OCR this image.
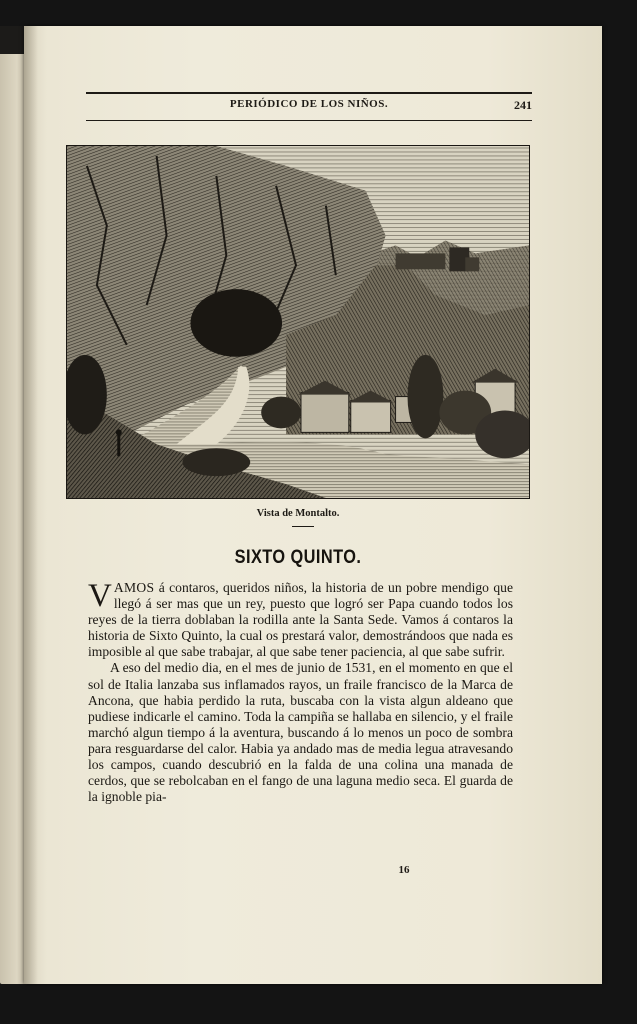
PERIÓDICO DE LOS NIÑOS.	241
Vista de Montalto.
SIXTO QUINTO.

VAMOS á contaros, queridos niños, la historia de un pobre mendigo que llegó á ser mas que un rey, puesto que logró ser Papa cuando todos los reyes de la tierra doblaban la rodilla ante la Santa Sede. Vamos á contaros la historia de Sixto Quinto, la cual os prestará valor, demostrándoos que nada es imposible al que sabe trabajar, al que sabe tener paciencia, al que sabe sufrir.

A eso del medio dia, en el mes de junio de 1531, en el momento en que el sol de Italia lanzaba sus inflamados rayos, un fraile francisco de la Marca de Ancona, que habia perdido la ruta, buscaba con la vista algun aldeano que pudiese indicarle el camino. Toda la campiña se hallaba en silencio, y el fraile marchó algun tiempo á la aventura, buscando á lo menos un poco de sombra para resguardarse del calor. Habia ya andado mas de media legua atravesando los campos, cuando descubrió en la falda de una colina una manada de cerdos, que se rebolcaban en el fango de una laguna medio seca. El guarda de la ignoble pia-

16
